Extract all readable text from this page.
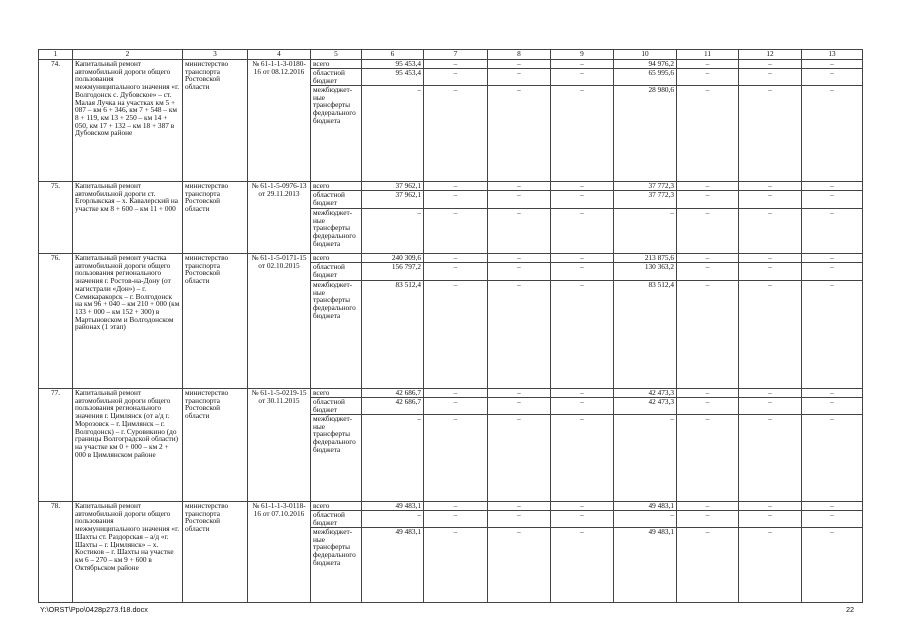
1	2	3	4	5	6	7	8	9	10	11	12	13
74.	Капитальный ремонт автомобильной дороги общего пользования межмуниципального значения «г. Волгодонск с. Дубовское» – ст. Малая Лучка на участках км 5 + 087 – км 6 + 346, км 7 + 548 – км 8 + 119, км 13 + 250 – км 14 + 050, км 17 + 132 – км 18 + 387 в Дубовском районе	министерство транспорта Ростовской области	№ 61-1-1-3-0180-16 от 08.12.2016	всего	95 453,4	–	–	–	94 976,2	–	–	–
				областной бюджет	95 453,4	–	–	–	65 995,6	–	–	–
				межбюджет-ные трансферты федерального бюджета	–	–	–	–	28 980,6	–	–	–
75.	Капитальный ремонт автомобильной дороги ст. Егорлыкская – х. Кавалерский на участке км 8 + 600 – км 11 + 000	министерство транспорта Ростовской области	№ 61-1-5-0976-13 от 29.11.2013	всего	37 962,1	–	–	–	37 772,3	–	–	–
				областной бюджет	37 962,1	–	–	–	37 772,3	–	–	–
				межбюджет-ные трансферты федерального бюджета	–	–	–	–	–	–	–	–
76.	Капитальный ремонт участка автомобильной дороги общего пользования регионального значения г. Ростов-на-Дону (от магистрали «Дон») – г. Семикаракорск – г. Волгодонск на км 96 + 040 – км 210 + 000 (км 133 + 000 – км 152 + 300) в Мартыновском и Волгодонском районах (1 этап)	министерство транспорта Ростовской области	№ 61-1-5-0171-15 от 02.10.2015	всего	240 309,6	–	–	–	213 875,6	–	–	–
				областной бюджет	156 797,2	–	–	–	130 363,2	–	–	–
				межбюджет-ные трансферты федерального бюджета	83 512,4	–	–	–	83 512,4	–	–	–
77.	Капитальный ремонт автомобильной дороги общего пользования регионального значения г. Цимлянск (от а/д г. Морозовск – г. Цимлянск – г. Волгодонск) – г. Суровикино (до границы Волгоградской области) на участке км 0 + 000 – км 2 + 000 в Цимлянском районе	министерство транспорта Ростовской области	№ 61-1-5-0219-15 от 30.11.2015	всего	42 686,7	–	–	–	42 473,3	–	–	–
				областной бюджет	42 686,7	–	–	–	42 473,3	–	–	–
				межбюджет-ные трансферты федерального бюджета	–	–	–	–	–	–	–	–
78.	Капитальный ремонт автомобильной дороги общего пользования межмуниципального значения «г. Шахты ст. Раздорская – а/д «г. Шахты – г. Цимлянск» – х. Костиков – г. Шахты на участке км 6 – 270 – км 9 + 600 в Октябрьском районе	министерство транспорта Ростовской области	№ 61-1-1-3-0118-16 от 07.10.2016	всего	49 483,1	–	–	–	49 483,1	–	–	–
				областной бюджет	–	–	–	–	–	–	–	–
				межбюджет-ные трансферты федерального бюджета	49 483,1	–	–	–	49 483,1	–	–	–
Y:\ORST\Ppo\0428p273.f18.docx	22
